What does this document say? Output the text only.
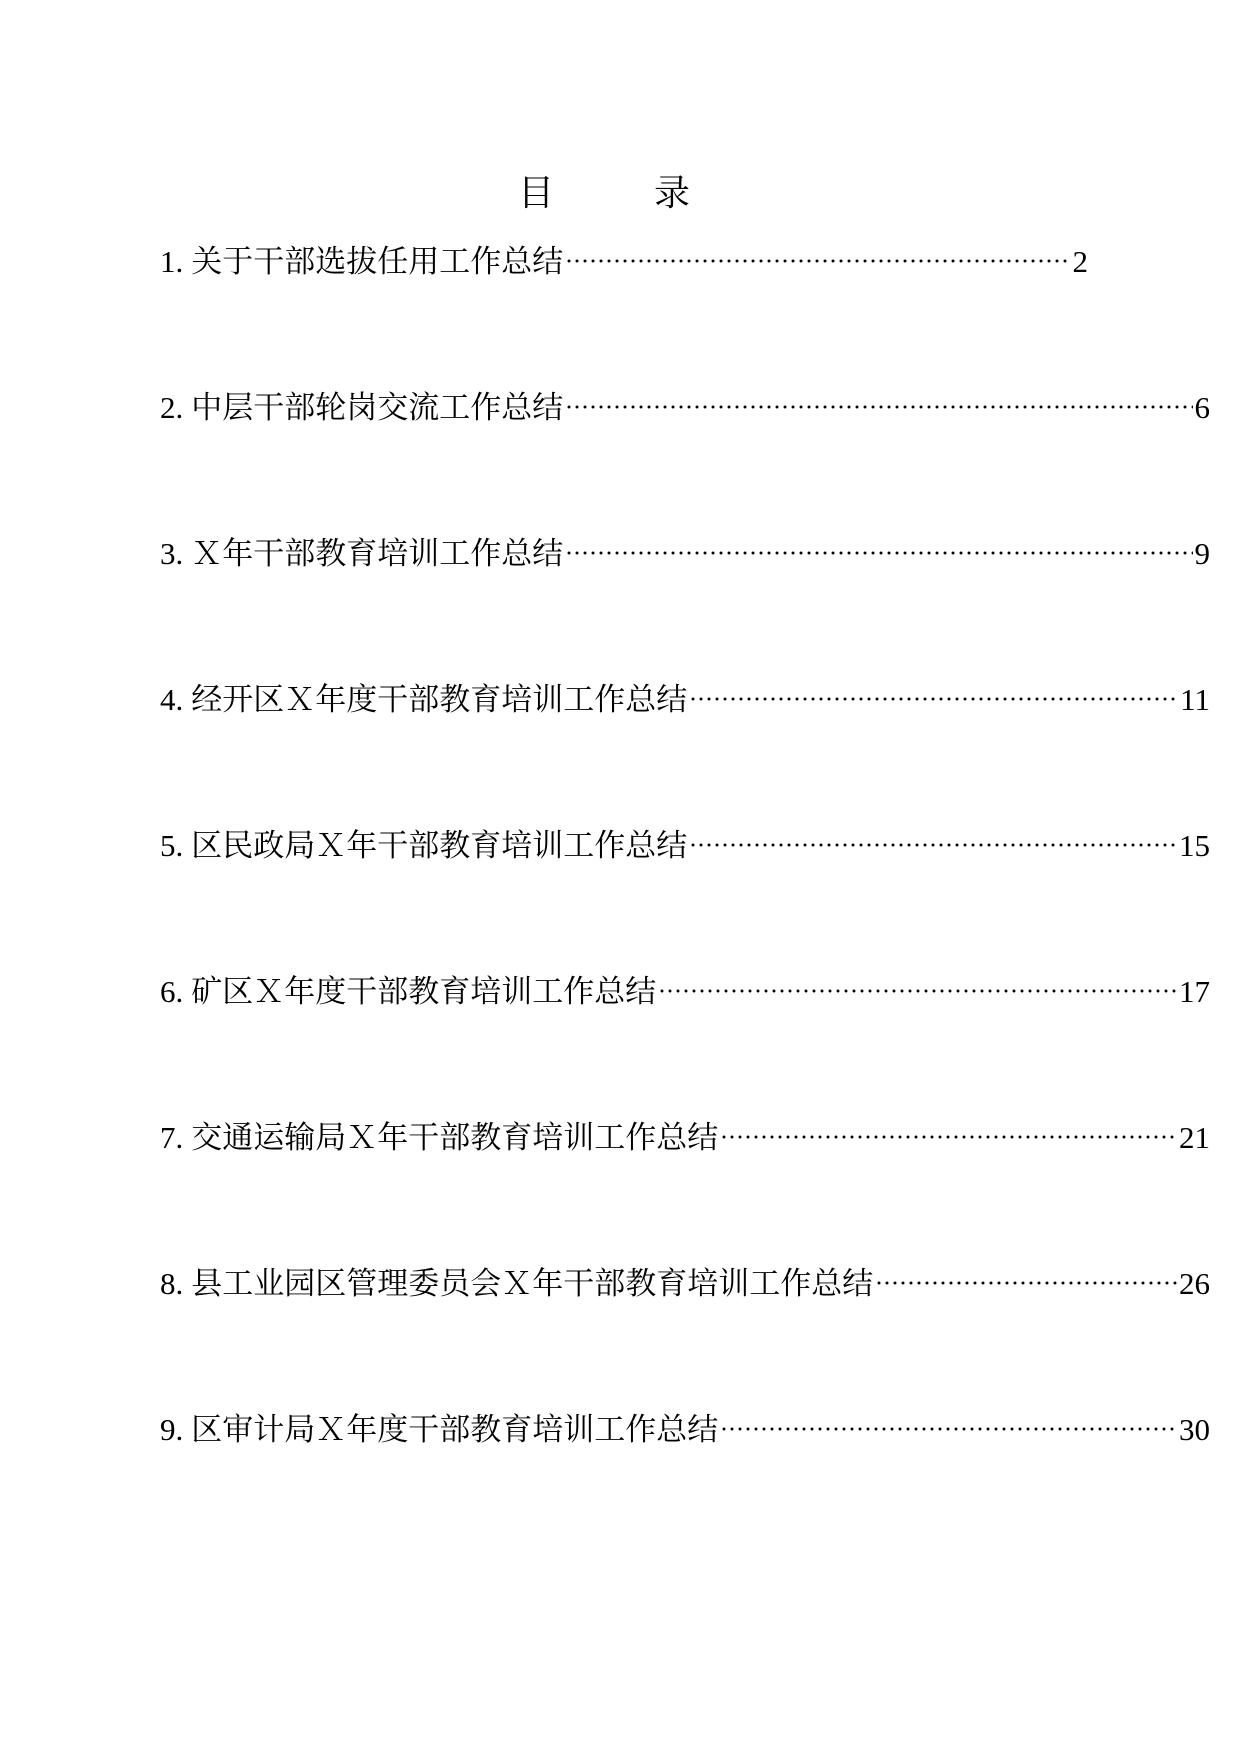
目　录
1. 关于干部选拔任用工作总结	2
2. 中层干部轮岗交流工作总结	6
3. Ｘ年干部教育培训工作总结	9
4. 经开区Ｘ年度干部教育培训工作总结	11
5. 区民政局Ｘ年干部教育培训工作总结	15
6. 矿区Ｘ年度干部教育培训工作总结	17
7. 交通运输局Ｘ年干部教育培训工作总结	21
8. 县工业园区管理委员会Ｘ年干部教育培训工作总结	26
9. 区审计局Ｘ年度干部教育培训工作总结	30
